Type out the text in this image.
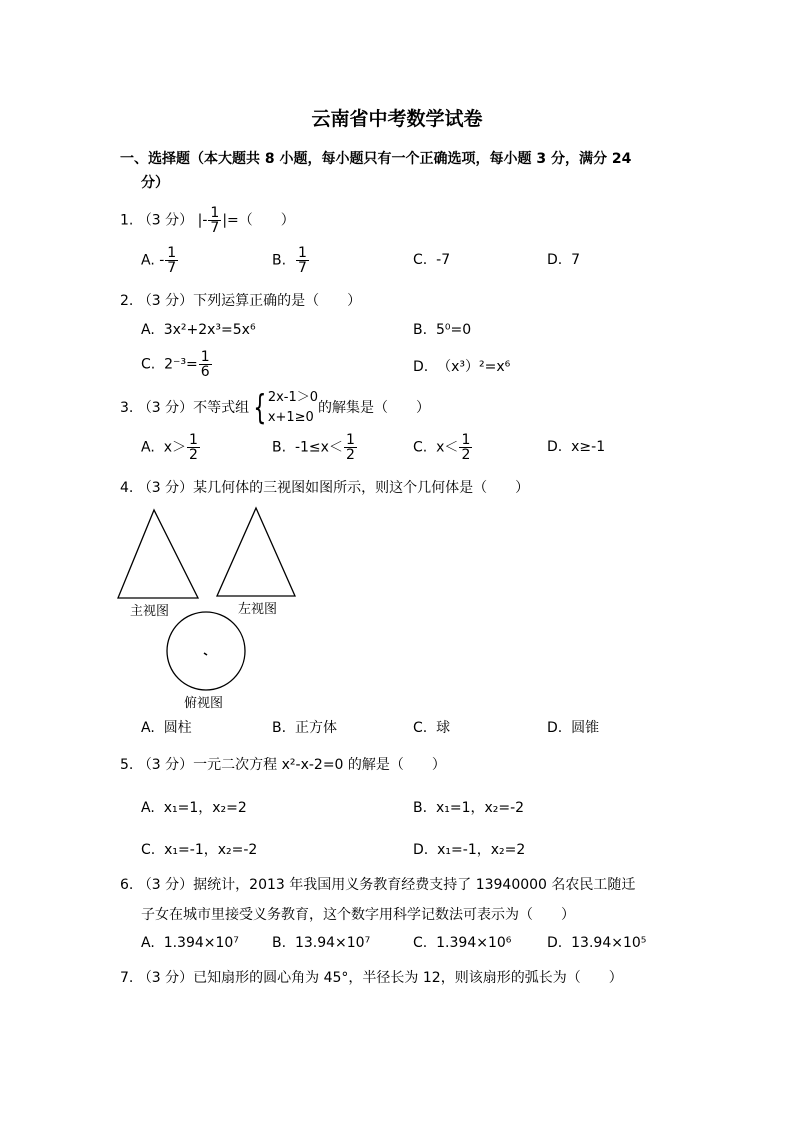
云南省中考数学试卷
一、选择题（本大题共 8 小题，每小题只有一个正确选项，每小题 3 分，满分 24
分）
1. （3 分） |- $\frac{1}{7}$ |=（　　）
A. - $\frac{1}{7}$	B. $\frac{1}{7}$	C. -7	D. 7
2. （3 分）下列运算正确的是（　　）
A. 3x²+2x³=5x⁶	B. 5⁰=0
C. $2^{-3}= \frac{1}{6}$	D. （x³）²=x⁶
3. （3 分）不等式组 { 2x-1＞0
x+1≥0
的解集是（　　）
A. $x> \frac{1}{2}$	B. $-1\le x< \frac{1}{2}$	C. $x< \frac{1}{2}$	D. x≥-1
4. （3 分）某几何体的三视图如图所示，则这个几何体是（　　）
主视图	左视图
俯视图
A. 圆柱	B. 正方体	C. 球	D. 圆锥
5. （3 分）一元二次方程 x²-x-2=0 的解是（　　）
A. x₁=1，x₂=2	B. x₁=1，x₂=-2
C. x₁=-1，x₂=-2	D. x₁=-1，x₂=2
6. （3 分）据统计，2013 年我国用义务教育经费支持了 13940000 名农民工随迁
子女在城市里接受义务教育，这个数字用科学记数法可表示为（　　）
A. 1.394×10⁷ B. 13.94×10⁷	C. 1.394×10⁶	D. 13.94×10⁵
7. （3 分）已知扇形的圆心角为 45°，半径长为 12，则该扇形的弧长为（　　）
